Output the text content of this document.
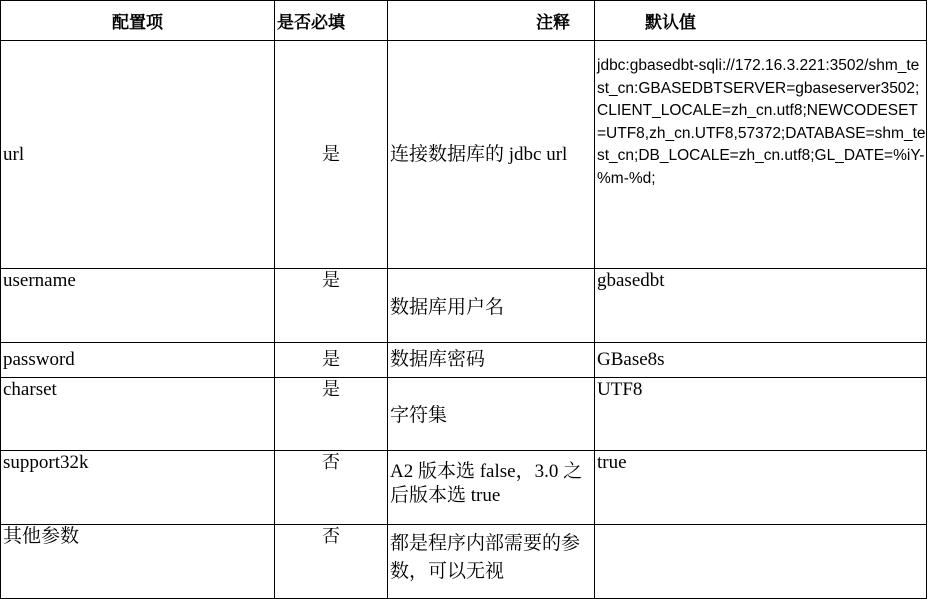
配置项	是否必填	注释	默认值
url	是	连接数据库的 jdbc url	jdbc:gbasedbt-sqli://172.16.3.221:3502/shm_test_cn:GBASEDBTSERVER=gbaseserver3502;CLIENT_LOCALE=zh_cn.utf8;NEWCODESET=UTF8,zh_cn.UTF8,57372;DATABASE=shm_test_cn;DB_LOCALE=zh_cn.utf8;GL_DATE=%iY-%m-%d;

username	是	数据库用户名	gbasedbt
password	是	数据库密码	GBase8s
charset	是	字符集	UTF8
support32k	否	A2 版本选 false，3.0 之后版本选 true	true
其他参数	否	都是程序内部需要的参数，可以无视	
